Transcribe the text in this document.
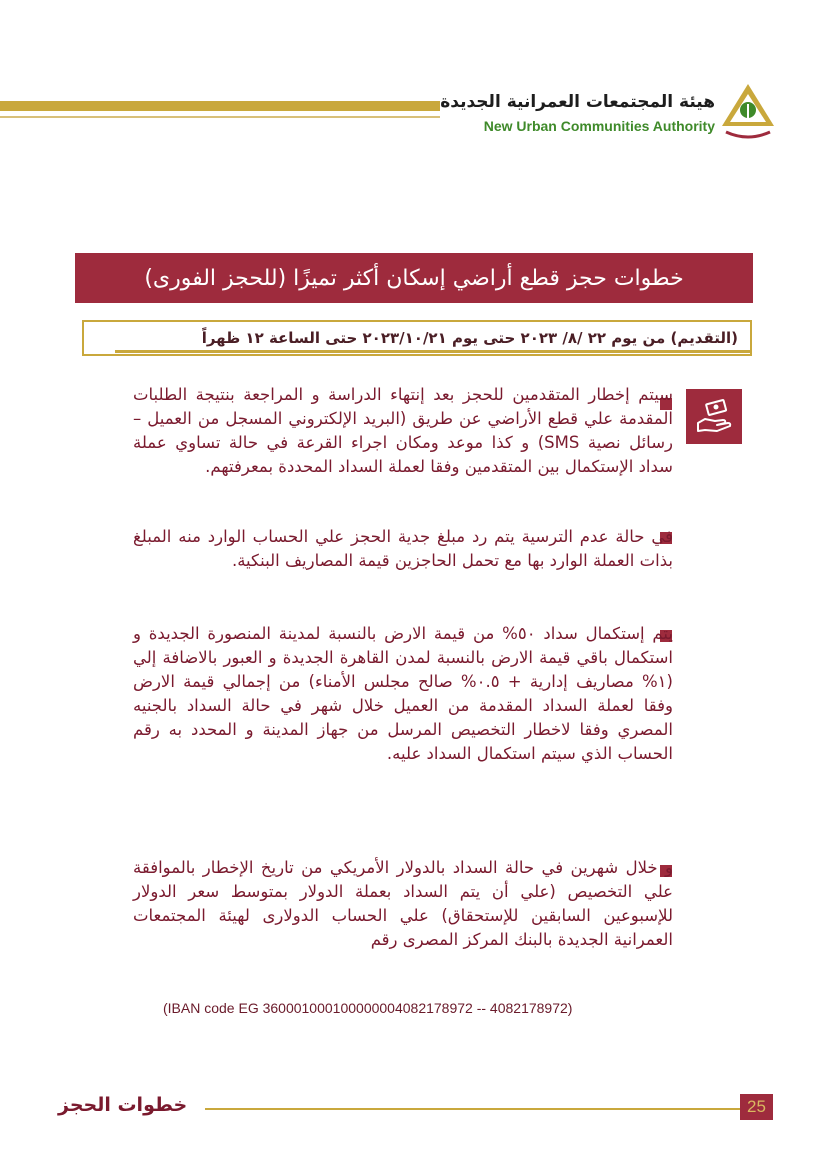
هيئة المجتمعات العمرانية الجديدة
New Urban Communities Authority
خطوات حجز قطع أراضي إسكان أكثر تميزًا (للحجز الفورى)
(التقديم) من يوم ٢٢ /٨/ ٢٠٢٣ حتى يوم ٢٠٢٣/١٠/٢١ حتى الساعة ١٢ ظهراً
سيتم إخطار المتقدمين للحجز بعد إنتهاء الدراسة و المراجعة بنتيجة الطلبات المقدمة علي قطع الأراضي عن طريق (البريد الإلكتروني المسجل من العميل – رسائل نصية SMS) و كذا موعد ومكان اجراء القرعة في حالة تساوي عملة سداد الإستكمال بين المتقدمين وفقا لعملة السداد المحددة بمعرفتهم.
في حالة عدم الترسية يتم رد مبلغ جدية الحجز علي الحساب الوارد منه المبلغ بذات العملة الوارد بها مع تحمل الحاجزين قيمة المصاريف البنكية.
يتم إستكمال سداد ٥٠% من قيمة الارض بالنسبة لمدينة المنصورة الجديدة و استكمال باقي قيمة الارض بالنسبة لمدن القاهرة الجديدة و العبور بالاضافة إلي (١% مصاريف إدارية + ٠.٥% صالح مجلس الأمناء) من إجمالي قيمة الارض وفقا لعملة السداد المقدمة من العميل خلال شهر في حالة السداد بالجنيه المصري وفقا لاخطار التخصيص المرسل من جهاز المدينة و المحدد به رقم الحساب الذي سيتم استكمال السداد عليه.
و خلال شهرين في حالة السداد بالدولار الأمريكي من تاريخ الإخطار بالموافقة علي التخصيص (علي أن يتم السداد بعملة الدولار بمتوسط سعر الدولار للإسبوعين السابقين للإستحقاق) علي الحساب الدولارى لهيئة المجتمعات العمرانية الجديدة بالبنك المركز المصرى رقم
(IBAN code EG 360001000100000004082178972 -- 4082178972)
خطوات الحجز	25
